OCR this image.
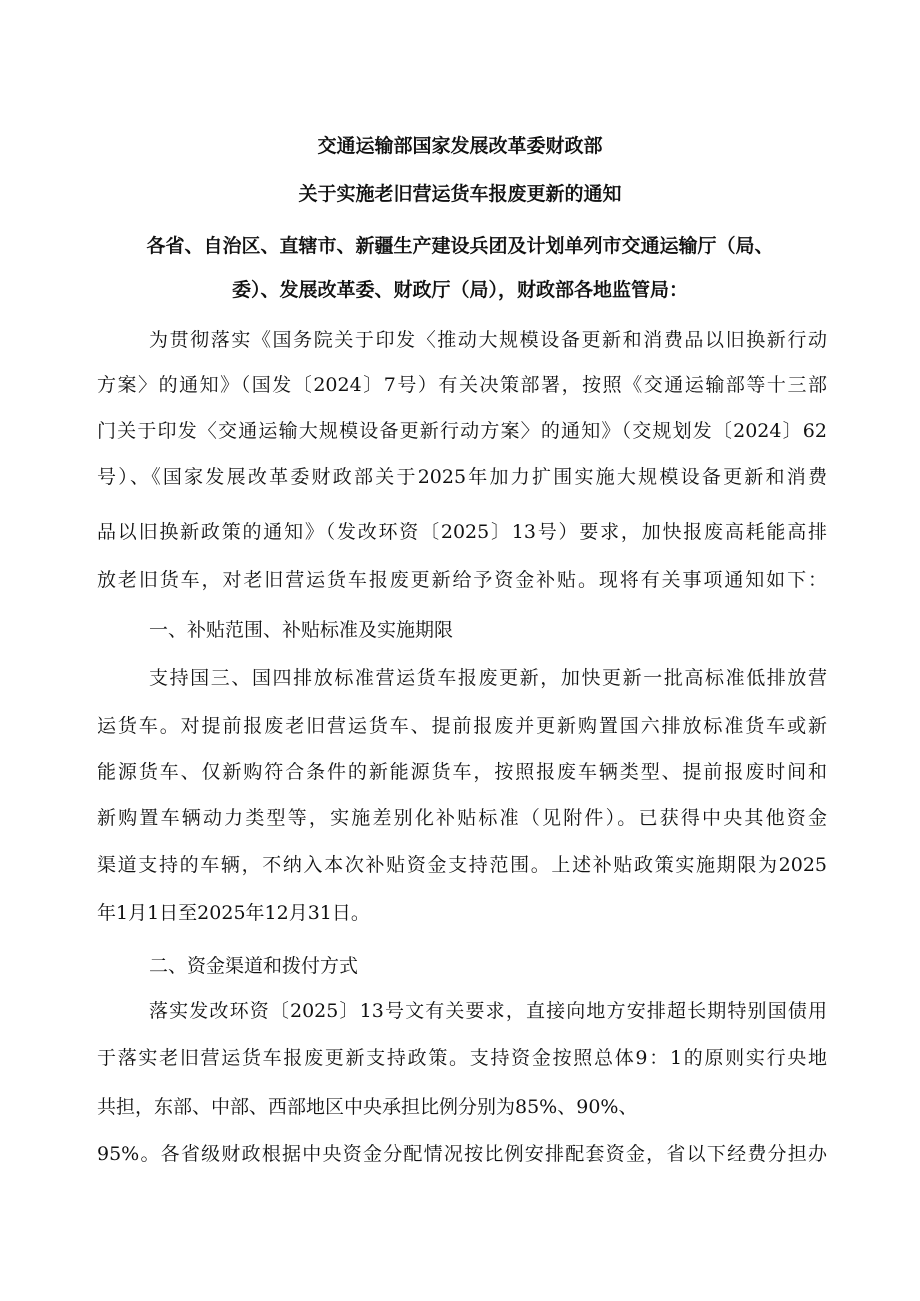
交通运输部国家发展改革委财政部
关于实施老旧营运货车报废更新的通知
各省、自治区、直辖市、新疆生产建设兵团及计划单列市交通运输厅（局、
委）、发展改革委、财政厅（局），财政部各地监管局：
为贯彻落实《国务院关于印发〈推动大规模设备更新和消费品以旧换新行动
方案〉的通知》（国发〔2024〕7号）有关决策部署，按照《交通运输部等十三部
门关于印发〈交通运输大规模设备更新行动方案〉的通知》（交规划发〔2024〕62
号）、《国家发展改革委财政部关于2025年加力扩围实施大规模设备更新和消费
品以旧换新政策的通知》（发改环资〔2025〕13号）要求，加快报废高耗能高排
放老旧货车，对老旧营运货车报废更新给予资金补贴。现将有关事项通知如下：
一、补贴范围、补贴标准及实施期限
支持国三、国四排放标准营运货车报废更新，加快更新一批高标准低排放营
运货车。对提前报废老旧营运货车、提前报废并更新购置国六排放标准货车或新
能源货车、仅新购符合条件的新能源货车，按照报废车辆类型、提前报废时间和
新购置车辆动力类型等，实施差别化补贴标准（见附件）。已获得中央其他资金
渠道支持的车辆，不纳入本次补贴资金支持范围。上述补贴政策实施期限为2025
年1月1日至2025年12月31日。
二、资金渠道和拨付方式
落实发改环资〔2025〕13号文有关要求，直接向地方安排超长期特别国债用
于落实老旧营运货车报废更新支持政策。支持资金按照总体9：1的原则实行央地
共担，东部、中部、西部地区中央承担比例分别为85%、90%、
95%。各省级财政根据中央资金分配情况按比例安排配套资金，省以下经费分担办
